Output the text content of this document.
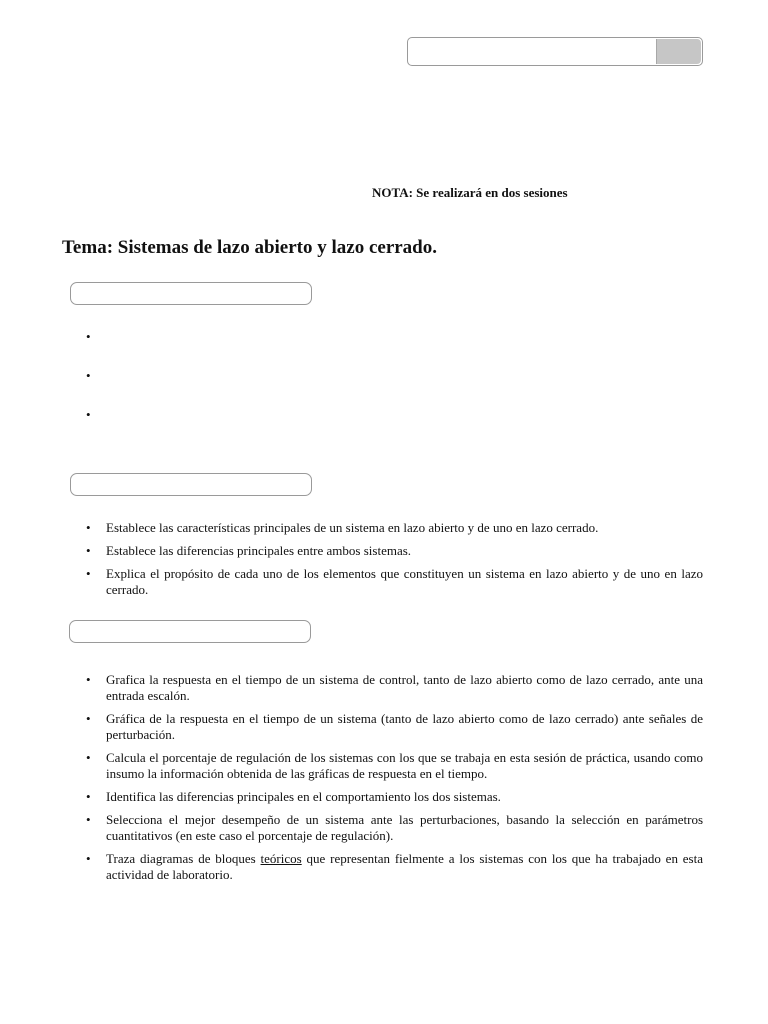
NOTA: Se realizará en dos sesiones
Tema: Sistemas de lazo abierto y lazo cerrado.
•
•
•
• Establece las características principales de un sistema en lazo abierto y de uno en lazo cerrado.
• Establece las diferencias principales entre ambos sistemas.
• Explica el propósito de cada uno de los elementos que constituyen un sistema en lazo abierto y de uno en lazo cerrado.
• Grafica la respuesta en el tiempo de un sistema de control, tanto de lazo abierto como de lazo cerrado, ante una entrada escalón.
• Gráfica de la respuesta en el tiempo de un sistema (tanto de lazo abierto como de lazo cerrado) ante señales de perturbación.
• Calcula el porcentaje de regulación de los sistemas con los que se trabaja en esta sesión de práctica, usando como insumo la información obtenida de las gráficas de respuesta en el tiempo.
• Identifica las diferencias principales en el comportamiento los dos sistemas.
• Selecciona el mejor desempeño de un sistema ante las perturbaciones, basando la selección en parámetros cuantitativos (en este caso el porcentaje de regulación).
• Traza diagramas de bloques teóricos que representan fielmente a los sistemas con los que ha trabajado en esta actividad de laboratorio.
